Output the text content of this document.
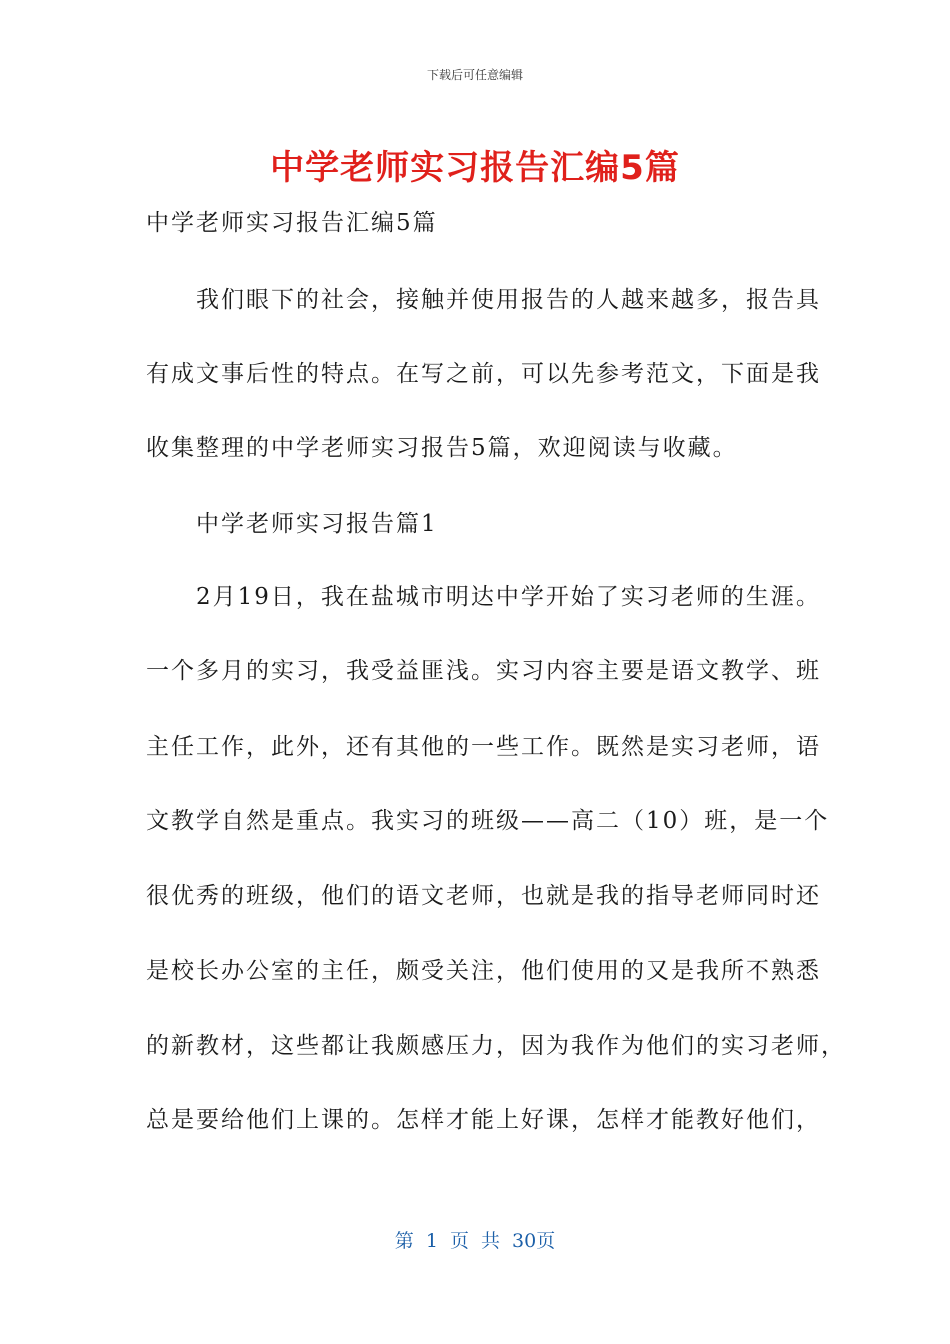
下载后可任意编辑
中学老师实习报告汇编5篇
中学老师实习报告汇编5篇
　　我们眼下的社会，接触并使用报告的人越来越多，报告具
有成文事后性的特点。在写之前，可以先参考范文，下面是我
收集整理的中学老师实习报告5篇，欢迎阅读与收藏。
　　中学老师实习报告篇1
　　2月19日，我在盐城市明达中学开始了实习老师的生涯。
一个多月的实习，我受益匪浅。实习内容主要是语文教学、班
主任工作，此外，还有其他的一些工作。既然是实习老师，语
文教学自然是重点。我实习的班级——高二（10）班，是一个
很优秀的班级，他们的语文老师，也就是我的指导老师同时还
是校长办公室的主任，颇受关注，他们使用的又是我所不熟悉
的新教材，这些都让我颇感压力，因为我作为他们的实习老师，
总是要给他们上课的。怎样才能上好课，怎样才能教好他们，
第 1 页 共 30页
